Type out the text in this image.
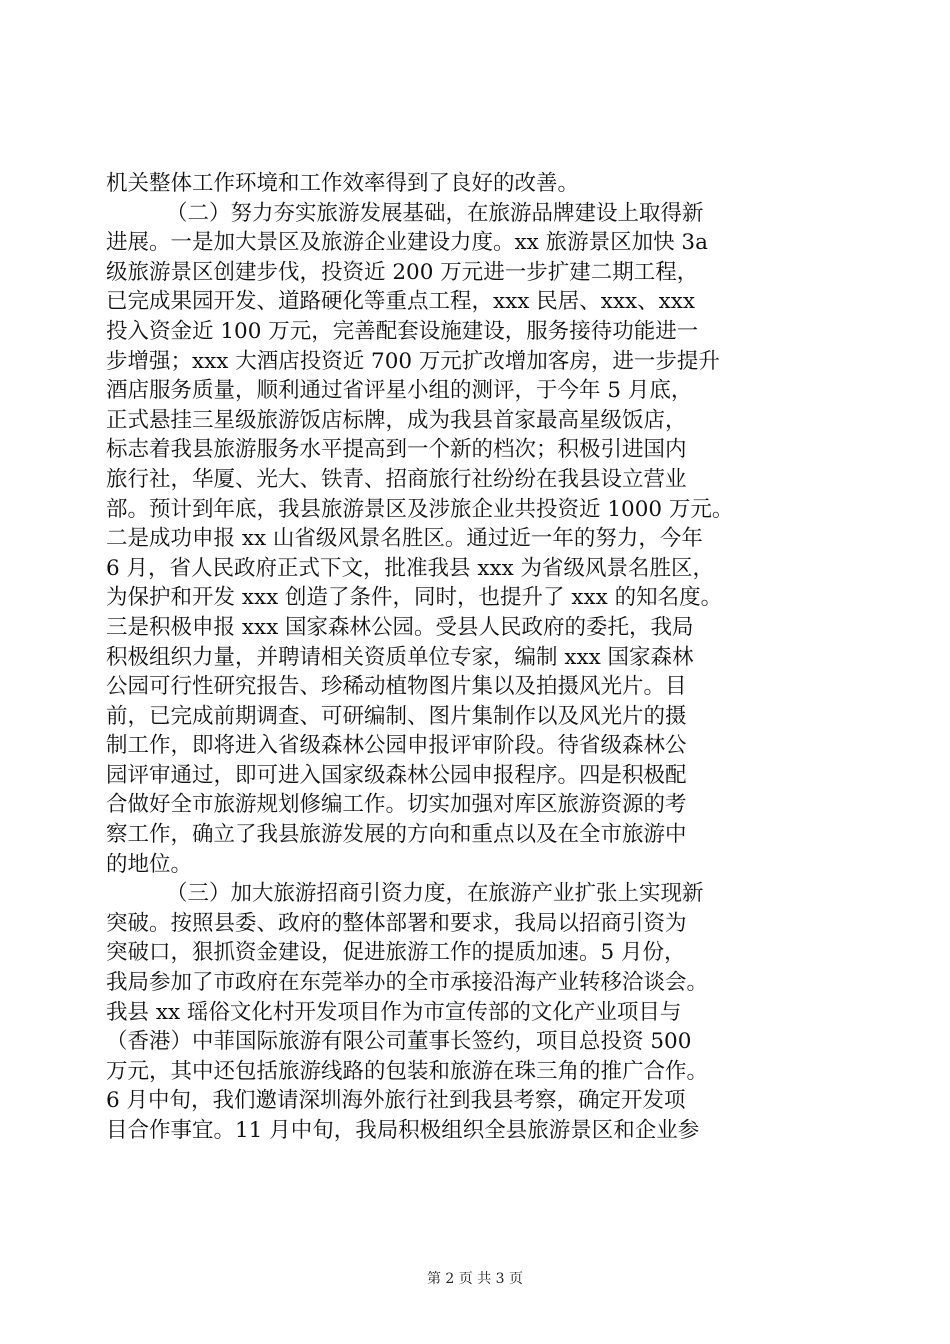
机关整体工作环境和工作效率得到了良好的改善。
（二）努力夯实旅游发展基础，在旅游品牌建设上取得新
进展。一是加大景区及旅游企业建设力度。xx 旅游景区加快 3a
级旅游景区创建步伐，投资近 200 万元进一步扩建二期工程，
已完成果园开发、道路硬化等重点工程，xxx 民居、xxx、xxx
投入资金近 100 万元，完善配套设施建设，服务接待功能进一
步增强；xxx 大酒店投资近 700 万元扩改增加客房，进一步提升
酒店服务质量，顺利通过省评星小组的测评，于今年 5 月底，
正式悬挂三星级旅游饭店标牌，成为我县首家最高星级饭店，
标志着我县旅游服务水平提高到一个新的档次；积极引进国内
旅行社，华厦、光大、铁青、招商旅行社纷纷在我县设立营业
部。预计到年底，我县旅游景区及涉旅企业共投资近 1000 万元。
二是成功申报 xx 山省级风景名胜区。通过近一年的努力，今年
6 月，省人民政府正式下文，批准我县 xxx 为省级风景名胜区，
为保护和开发 xxx 创造了条件，同时，也提升了 xxx 的知名度。
三是积极申报 xxx 国家森林公园。受县人民政府的委托，我局
积极组织力量，并聘请相关资质单位专家，编制 xxx 国家森林
公园可行性研究报告、珍稀动植物图片集以及拍摄风光片。目
前，已完成前期调查、可研编制、图片集制作以及风光片的摄
制工作，即将进入省级森林公园申报评审阶段。待省级森林公
园评审通过，即可进入国家级森林公园申报程序。四是积极配
合做好全市旅游规划修编工作。切实加强对库区旅游资源的考
察工作，确立了我县旅游发展的方向和重点以及在全市旅游中
的地位。
（三）加大旅游招商引资力度，在旅游产业扩张上实现新
突破。按照县委、政府的整体部署和要求，我局以招商引资为
突破口，狠抓资金建设，促进旅游工作的提质加速。5 月份，
我局参加了市政府在东莞举办的全市承接沿海产业转移洽谈会。
我县 xx 瑶俗文化村开发项目作为市宣传部的文化产业项目与
（香港）中菲国际旅游有限公司董事长签约，项目总投资 500
万元，其中还包括旅游线路的包装和旅游在珠三角的推广合作。
6 月中旬，我们邀请深圳海外旅行社到我县考察，确定开发项
目合作事宜。11 月中旬，我局积极组织全县旅游景区和企业参
第 2 页 共 3 页
